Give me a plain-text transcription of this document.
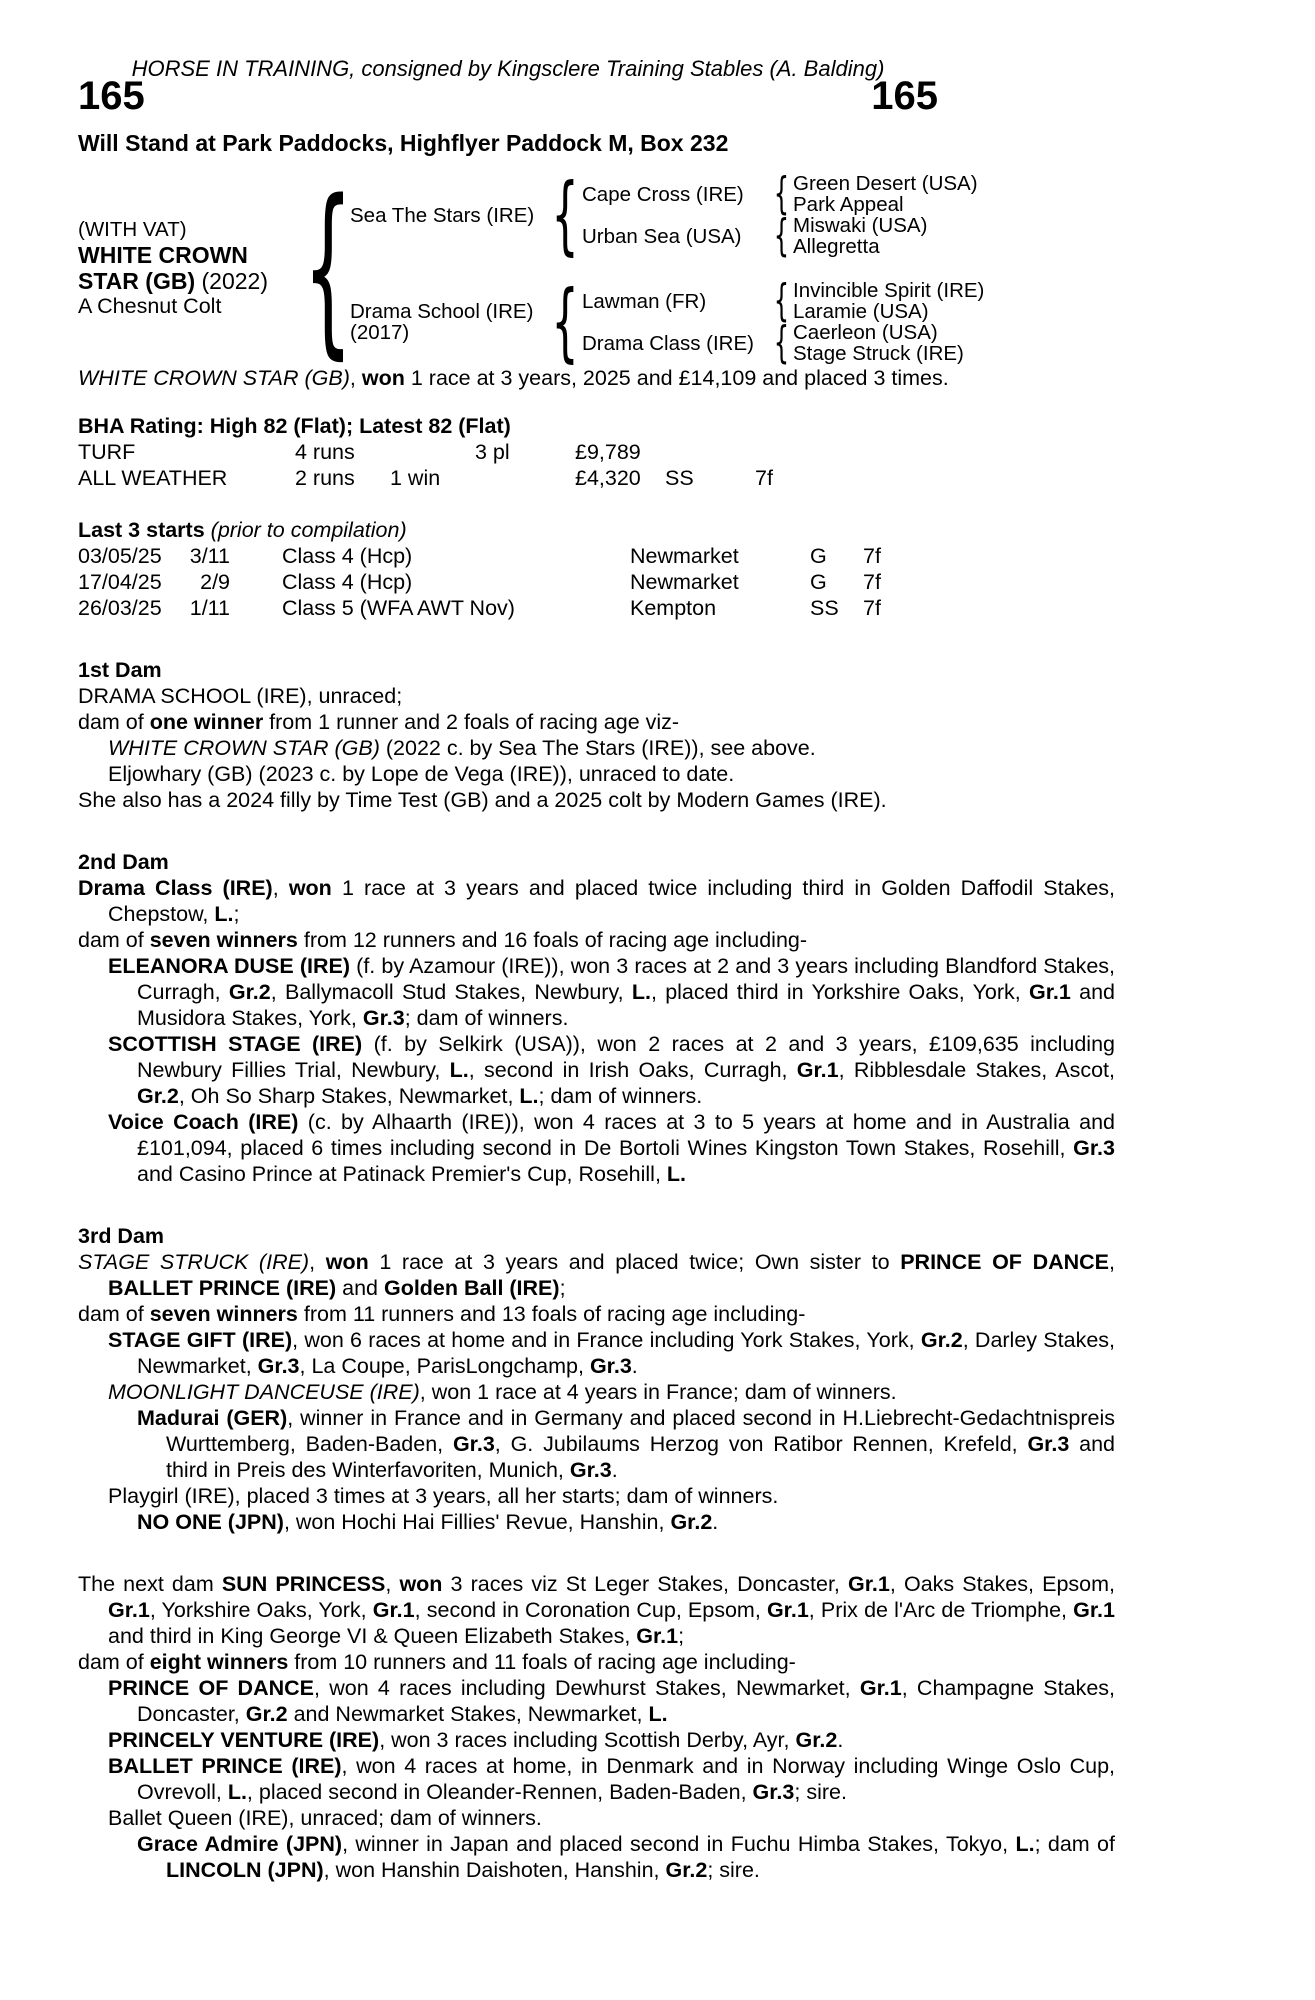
HORSE IN TRAINING, consigned by Kingsclere Training Stables (A. Balding)
165	165
Will Stand at Park Paddocks, Highflyer Paddock M, Box 232
(WITH VAT)
WHITE CROWN STAR (GB) (2022)
A Chesnut Colt {
Sea The Stars (IRE) { Cape Cross (IRE) { Green Desert (USA)
Park Appeal
Urban Sea (USA) { Miswaki (USA)
Allegretta
Drama School (IRE)
(2017)	{ Lawman (FR)	{ Invincible Spirit (IRE)
Laramie (USA)
Drama Class (IRE) { Caerleon (USA)
Stage Struck (IRE)

WHITE CROWN STAR (GB), won 1 race at 3 years, 2025 and £14,109 and placed 3 times.

BHA Rating: High 82 (Flat); Latest 82 (Flat)
TURF	4 runs	3 pl	£9,789
ALL WEATHER	2 runs	1 win	£4,320	SS	7f
Last 3 starts (prior to compilation)
03/05/25	3/11	Class 4 (Hcp)	Newmarket	G	7f
17/04/25	2/9	Class 4 (Hcp)	Newmarket	G	7f
26/03/25	1/11	Class 5 (WFA AWT Nov)	Kempton	SS	7f
1st Dam

DRAMA SCHOOL (IRE), unraced;

dam of one winner from 1 runner and 2 foals of racing age viz-

WHITE CROWN STAR (GB) (2022 c. by Sea The Stars (IRE)), see above.

Eljowhary (GB) (2023 c. by Lope de Vega (IRE)), unraced to date.

She also has a 2024 filly by Time Test (GB) and a 2025 colt by Modern Games (IRE).

2nd Dam

Drama Class (IRE), won 1 race at 3 years and placed twice including third in Golden Daffodil Stakes, Chepstow, L.;

dam of seven winners from 12 runners and 16 foals of racing age including-

ELEANORA DUSE (IRE) (f. by Azamour (IRE)), won 3 races at 2 and 3 years including Blandford Stakes, Curragh, Gr.2, Ballymacoll Stud Stakes, Newbury, L., placed third in Yorkshire Oaks, York, Gr.1 and Musidora Stakes, York, Gr.3; dam of winners.

SCOTTISH STAGE (IRE) (f. by Selkirk (USA)), won 2 races at 2 and 3 years, £109,635 including Newbury Fillies Trial, Newbury, L., second in Irish Oaks, Curragh, Gr.1, Ribblesdale Stakes, Ascot, Gr.2, Oh So Sharp Stakes, Newmarket, L.; dam of winners.

Voice Coach (IRE) (c. by Alhaarth (IRE)), won 4 races at 3 to 5 years at home and in Australia and £101,094, placed 6 times including second in De Bortoli Wines Kingston Town Stakes, Rosehill, Gr.3 and Casino Prince at Patinack Premier's Cup, Rosehill, L.

3rd Dam

STAGE STRUCK (IRE), won 1 race at 3 years and placed twice; Own sister to PRINCE OF DANCE, BALLET PRINCE (IRE) and Golden Ball (IRE);

dam of seven winners from 11 runners and 13 foals of racing age including-

STAGE GIFT (IRE), won 6 races at home and in France including York Stakes, York, Gr.2, Darley Stakes, Newmarket, Gr.3, La Coupe, ParisLongchamp, Gr.3.

MOONLIGHT DANCEUSE (IRE), won 1 race at 4 years in France; dam of winners.

Madurai (GER), winner in France and in Germany and placed second in H.Liebrecht-Gedachtnispreis Wurttemberg, Baden-Baden, Gr.3, G. Jubilaums Herzog von Ratibor Rennen, Krefeld, Gr.3 and third in Preis des Winterfavoriten, Munich, Gr.3.

Playgirl (IRE), placed 3 times at 3 years, all her starts; dam of winners.

NO ONE (JPN), won Hochi Hai Fillies' Revue, Hanshin, Gr.2.

The next dam SUN PRINCESS, won 3 races viz St Leger Stakes, Doncaster, Gr.1, Oaks Stakes, Epsom, Gr.1, Yorkshire Oaks, York, Gr.1, second in Coronation Cup, Epsom, Gr.1, Prix de l'Arc de Triomphe, Gr.1 and third in King George VI & Queen Elizabeth Stakes, Gr.1;

dam of eight winners from 10 runners and 11 foals of racing age including-

PRINCE OF DANCE, won 4 races including Dewhurst Stakes, Newmarket, Gr.1, Champagne Stakes, Doncaster, Gr.2 and Newmarket Stakes, Newmarket, L.

PRINCELY VENTURE (IRE), won 3 races including Scottish Derby, Ayr, Gr.2.

BALLET PRINCE (IRE), won 4 races at home, in Denmark and in Norway including Winge Oslo Cup, Ovrevoll, L., placed second in Oleander-Rennen, Baden-Baden, Gr.3; sire.

Ballet Queen (IRE), unraced; dam of winners.

Grace Admire (JPN), winner in Japan and placed second in Fuchu Himba Stakes, Tokyo, L.; dam of LINCOLN (JPN), won Hanshin Daishoten, Hanshin, Gr.2; sire.
